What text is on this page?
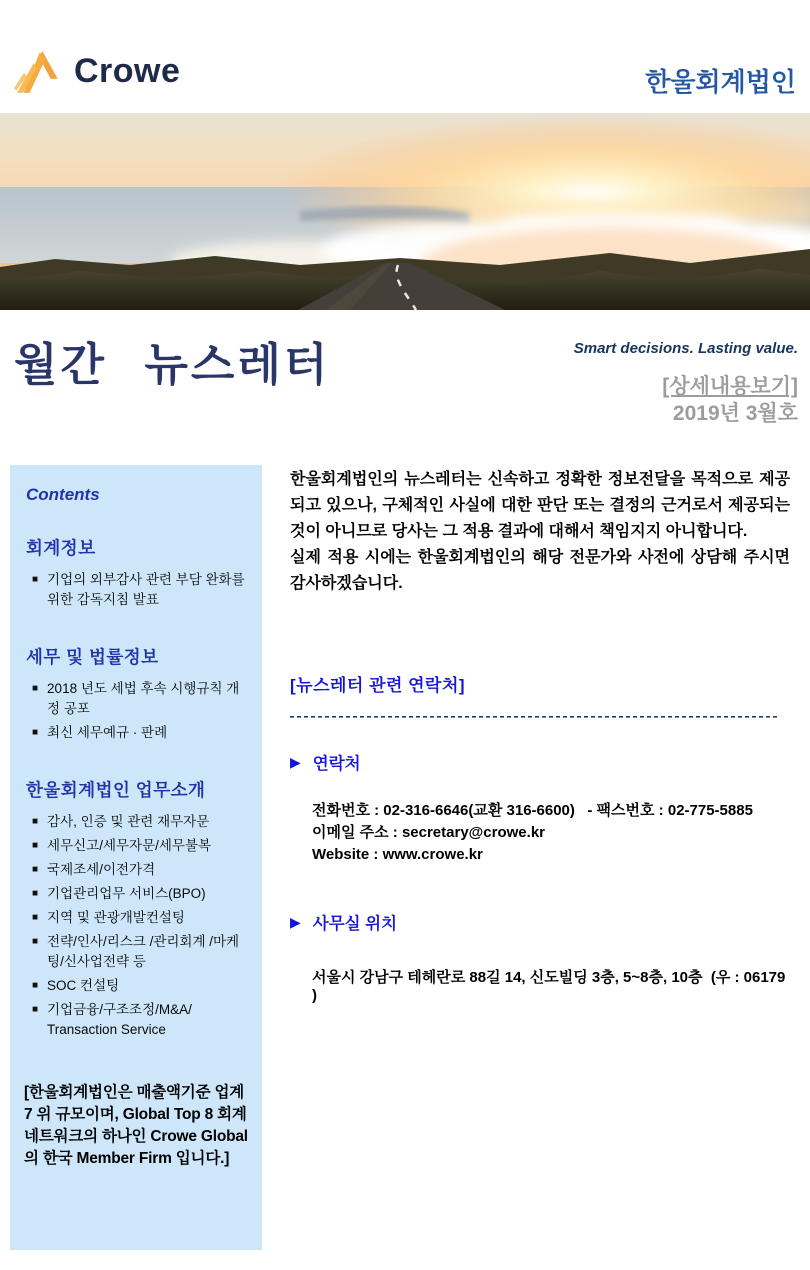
Crowe	한울회계법인
월간 뉴스레터	Smart decisions. Lasting value.
[상세내용보기]
2019년 3월호
Contents
회계정보
■ 기업의 외부감사 관련 부담 완화를 위한 감독지침 발표
세무 및 법률정보
■ 2018 년도 세법 후속 시행규칙 개정 공포
■ 최신 세무예규 · 판례
한울회계법인 업무소개
■ 감사, 인증 및 관련 재무자문
■ 세무신고/세무자문/세무불복
■ 국제조세/이전가격
■ 기업관리업무 서비스(BPO)
■ 지역 및 관광개발컨설팅
■ 전략/인사/리스크 /관리회계 /마케팅/신사업전략 등
■ SOC 컨설팅
■ 기업금융/구조조정/M&A/ Transaction Service

[한울회계법인은 매출액기준 업계 7 위 규모이며, Global Top 8 회계 네트워크의 하나인 Crowe Global 의 한국 Member Firm 입니다.]

한울회계법인의 뉴스레터는 신속하고 정확한 정보전달을 목적으로 제공되고 있으나, 구체적인 사실에 대한 판단 또는 결정의 근거로서 제공되는 것이 아니므로 당사는 그 적용 결과에 대해서 책임지지 아니합니다.

실제 적용 시에는 한울회계법인의 해당 전문가와 사전에 상담해 주시면 감사하겠습니다.

[뉴스레터 관련 연락처]
▶ 연락처

전화번호 : 02-316-6646(교환 316-6600)   - 팩스번호 : 02-775-5885

이메일 주소 : secretary@crowe.kr

Website : www.crowe.kr

▶ 사무실 위치

서울시 강남구 테헤란로 88길 14, 신도빌딩 3층, 5~8층, 10층  (우 : 06179 )
